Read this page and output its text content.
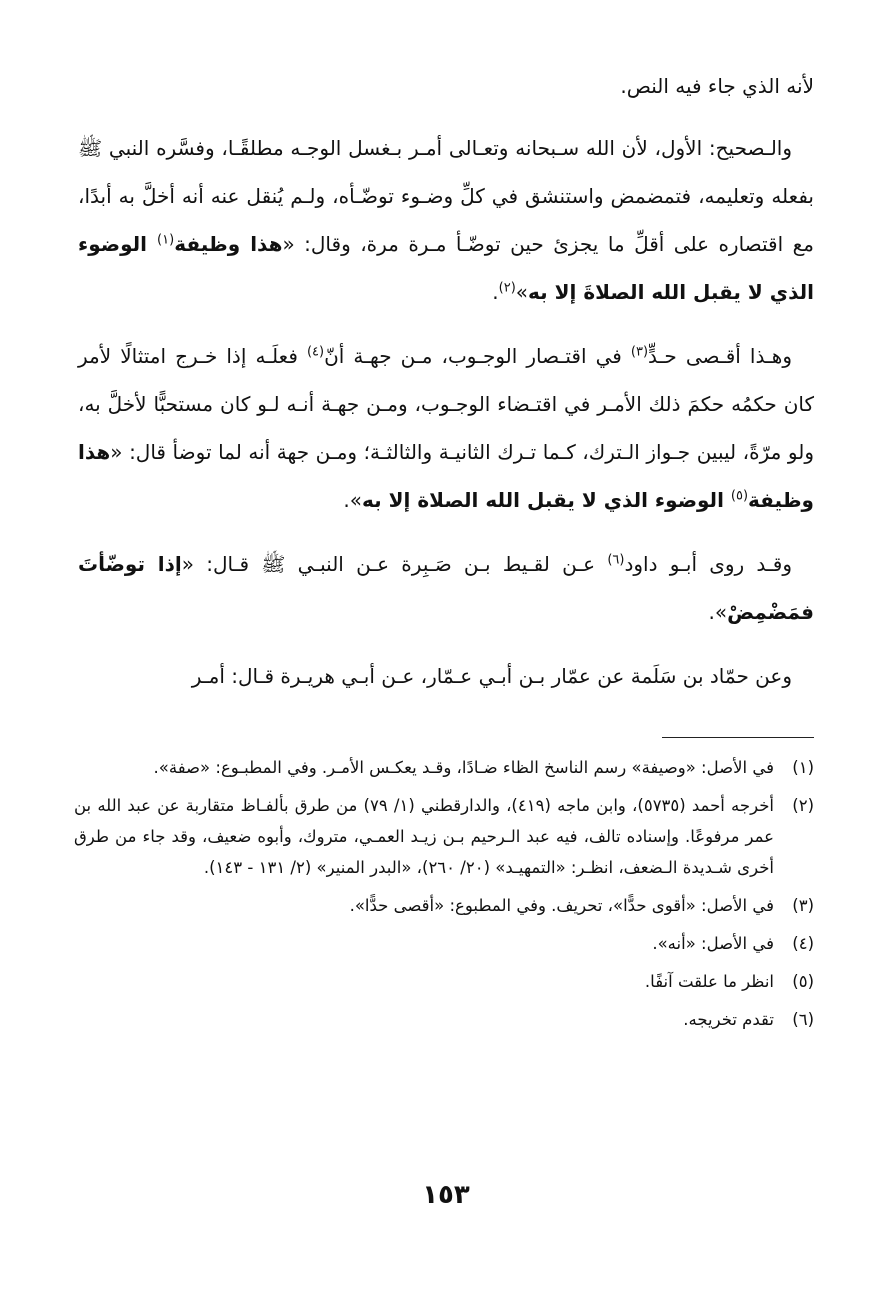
لأنه الذي جاء فيه النص.

والـصحيح: الأول، لأن الله سـبحانه وتعـالى أمـر بـغسل الوجـه مطلقًـا، وفسَّره النبي ﷺ بفعله وتعليمه، فتمضمض واستنشق في كلِّ وضـوء توضّـأه، ولـم يُنقل عنه أنه أخلَّ به أبدًا، مع اقتصاره على أقلِّ ما يجزئ حين توضّـأ مـرة مرة، وقال: «هذا وظيفة$^{(١)}$ الوضوء الذي لا يقبل الله الصلاةَ إلا به»$^{(٢)}$.

وهـذا أقـصى حـدٍّ$^{(٣)}$ في اقتـصار الوجـوب، مـن جهـة أنّ$^{(٤)}$ فعلَـه إذا خـرج امتثالًا لأمر كان حكمُه حكمَ ذلك الأمـر في اقتـضاء الوجـوب، ومـن جهـة أنـه لـو كان مستحبًّا لأخلَّ به، ولو مرّةً، ليبين جـواز الـترك، كـما تـرك الثانيـة والثالثـة؛ ومـن جهة أنه لما توضأ قال: «هذا وظيفة$^{(٥)}$ الوضوء الذي لا يقبل الله الصلاة إلا به».

وقـد روى أبـو داود$^{(٦)}$ عـن لقـيط بـن صَـبِرة عـن النبـي ﷺ قـال: «إذا توضّأتَ فمَضْمِضْ».

وعن حمّاد بن سَلَمة عن عمّار بـن أبـي عـمّار، عـن أبـي هريـرة قـال: أمـر

(١)
في الأصل: «وصيفة» رسم الناسخ الظاء ضـادًا، وقـد يعكـس الأمـر. وفي المطبـوع: «صفة».
(٢)
أخرجه أحمد (٥٧٣٥)، وابن ماجه (٤١٩)، والدارقطني (١/ ٧٩) من طرق بألفـاظ متقاربة عن عبد الله بن عمر مرفوعًا. وإسناده تالف، فيه عبد الـرحيم بـن زيـد العمـي، متروك، وأبوه ضعيف، وقد جاء من طرق أخرى شـديدة الـضعف، انظـر: «التمهيـد» (٢٠/ ٢٦٠)، «البدر المنير» (٢/ ١٣١ - ١٤٣).
(٣)
في الأصل: «أقوى حدًّا»، تحريف. وفي المطبوع: «أقصى حدًّا».
(٤)
في الأصل: «أنه».
(٥)
انظر ما علقت آنفًا.
(٦)
تقدم تخريجه.
١٥٣
